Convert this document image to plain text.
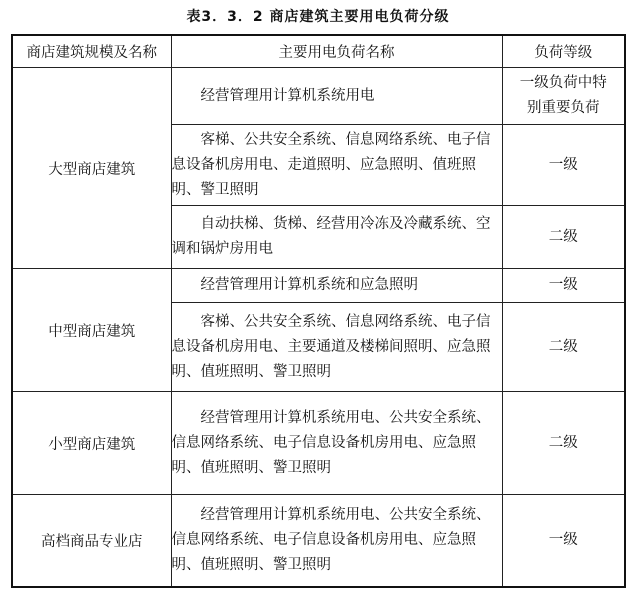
表3．3．2 商店建筑主要用电负荷分级
商店建筑规模及名称	主要用电负荷名称	负荷等级
大型商店建筑	经营管理用计算机系统用电	一级负荷中特别重要负荷
	客梯、公共安全系统、信息网络系统、电子信息设备机房用电、走道照明、应急照明、值班照明、警卫照明	一级
	自动扶梯、货梯、经营用冷冻及冷藏系统、空调和锅炉房用电	二级
中型商店建筑	经营管理用计算机系统和应急照明	一级
	客梯、公共安全系统、信息网络系统、电子信息设备机房用电、主要通道及楼梯间照明、应急照明、值班照明、警卫照明	二级
小型商店建筑	经营管理用计算机系统用电、公共安全系统、信息网络系统、电子信息设备机房用电、应急照明、值班照明、警卫照明	二级
高档商品专业店	经营管理用计算机系统用电、公共安全系统、信息网络系统、电子信息设备机房用电、应急照明、值班照明、警卫照明	一级
